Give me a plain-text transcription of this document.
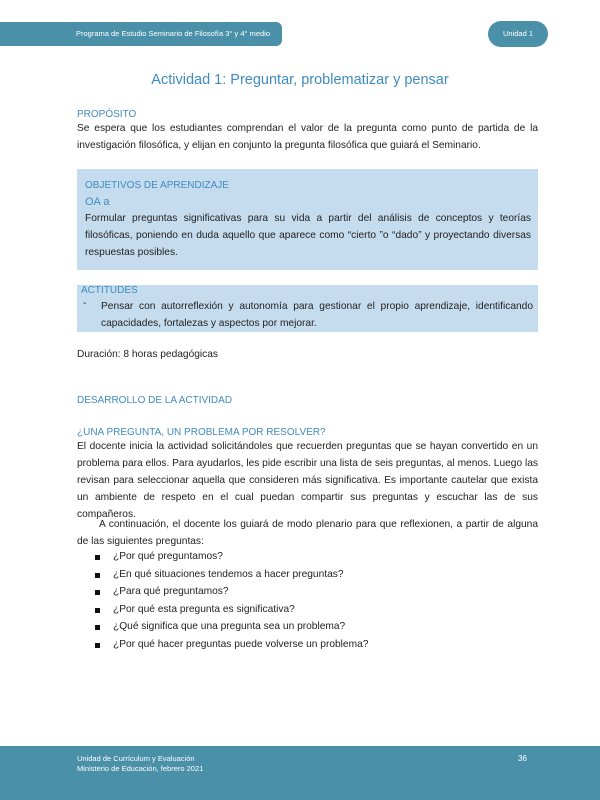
Programa de Estudio Seminario de Filosofía 3° y 4° medio	Unidad 1
Actividad 1: Preguntar, problematizar y pensar
PROPÓSITO
Se espera que los estudiantes comprendan el valor de la pregunta como punto de partida de la investigación filosófica, y elijan en conjunto la pregunta filosófica que guiará el Seminario.
OBJETIVOS DE APRENDIZAJE
OA a
Formular preguntas significativas para su vida a partir del análisis de conceptos y teorías filosóficas, poniendo en duda aquello que aparece como “cierto ”o “dado” y proyectando diversas respuestas posibles.
ACTITUDES
- Pensar con autorreflexión y autonomía para gestionar el propio aprendizaje, identificando capacidades, fortalezas y aspectos por mejorar.
Duración: 8 horas pedagógicas
DESARROLLO DE LA ACTIVIDAD
¿UNA PREGUNTA, UN PROBLEMA POR RESOLVER?
El docente inicia la actividad solicitándoles que recuerden preguntas que se hayan convertido en un problema para ellos. Para ayudarlos, les pide escribir una lista de seis preguntas, al menos. Luego las revisan para seleccionar aquella que consideren más significativa. Es importante cautelar que exista un ambiente de respeto en el cual puedan compartir sus preguntas y escuchar las de sus compañeros.
A continuación, el docente los guiará de modo plenario para que reflexionen, a partir de alguna de las siguientes preguntas:
¿Por qué preguntamos?
¿En qué situaciones tendemos a hacer preguntas?
¿Para qué preguntamos?
¿Por qué esta pregunta es significativa?
¿Qué significa que una pregunta sea un problema?
¿Por qué hacer preguntas puede volverse un problema?
Unidad de Currículum y Evaluación
Ministerio de Educación, febrero 2021
36
